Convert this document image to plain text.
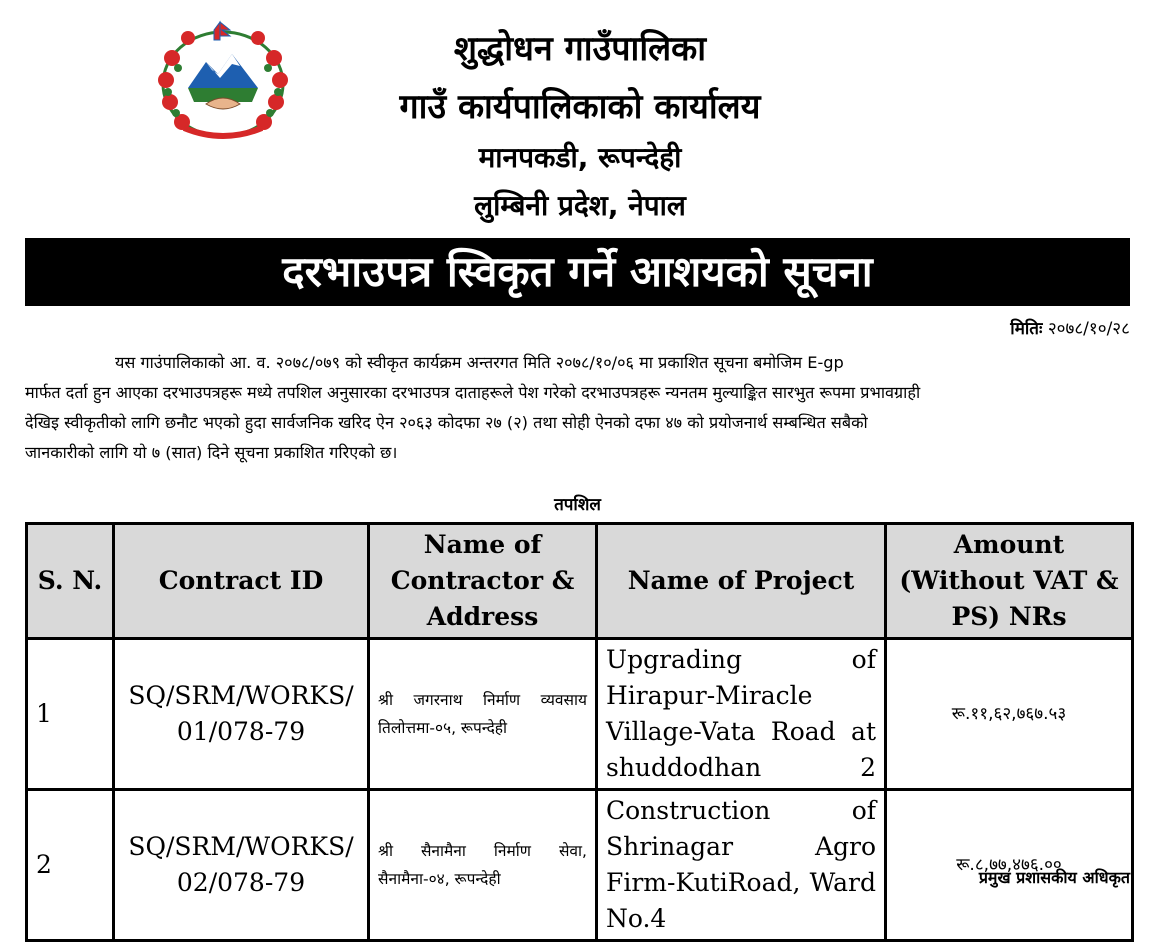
शुद्धोधन गाउँपालिका
गाउँ कार्यपालिकाको कार्यालय
मानपकडी, रूपन्देही
लुम्बिनी प्रदेश, नेपाल
दरभाउपत्र स्विकृत गर्ने आशयको सूचना
मितिः २०७८/१०/२८
यस गाउंपालिकाको आ. व. २०७८/०७९ को स्वीकृत कार्यक्रम अन्तरगत मिति २०७८/१०/०६ मा प्रकाशित सूचना बमोजिम E-gp
मार्फत दर्ता हुन आएका दरभाउपत्रहरू मध्ये तपशिल अनुसारका दरभाउपत्र दाताहरूले पेश गरेको दरभाउपत्रहरू न्यनतम मुल्याङ्कित सारभुत रूपमा प्रभावग्राही
देखिइ स्वीकृतीको लागि छनौट भएको हुदा सार्वजनिक खरिद ऐन २०६३ कोदफा २७ (२) तथा सोही ऐनको दफा ४७ को प्रयोजनार्थ सम्बन्धित सबैको
जानकारीको लागि यो ७ (सात) दिने सूचना प्रकाशित गरिएको छ।
तपशिल
S. N.	Contract ID	Name of Contractor & Address	Name of Project	Amount (Without VAT & PS) NRs
1	SQ/SRM/WORKS/ 01/078-79	श्री जगरनाथ निर्माण व्यवसाय तिलोत्तमा-०५, रूपन्देही	Upgrading of Hirapur-Miracle Village-Vata Road at shuddodhan 2	रू.११,६२,७६७.५३
2	SQ/SRM/WORKS/ 02/078-79	श्री सैनामैना निर्माण सेवा, सैनामैना-०४, रूपन्देही	Construction of Shrinagar Agro Firm-KutiRoad, Ward No.4	रू.८,७७,४७६.००
प्रमुख प्रशासकीय अधिकृत
